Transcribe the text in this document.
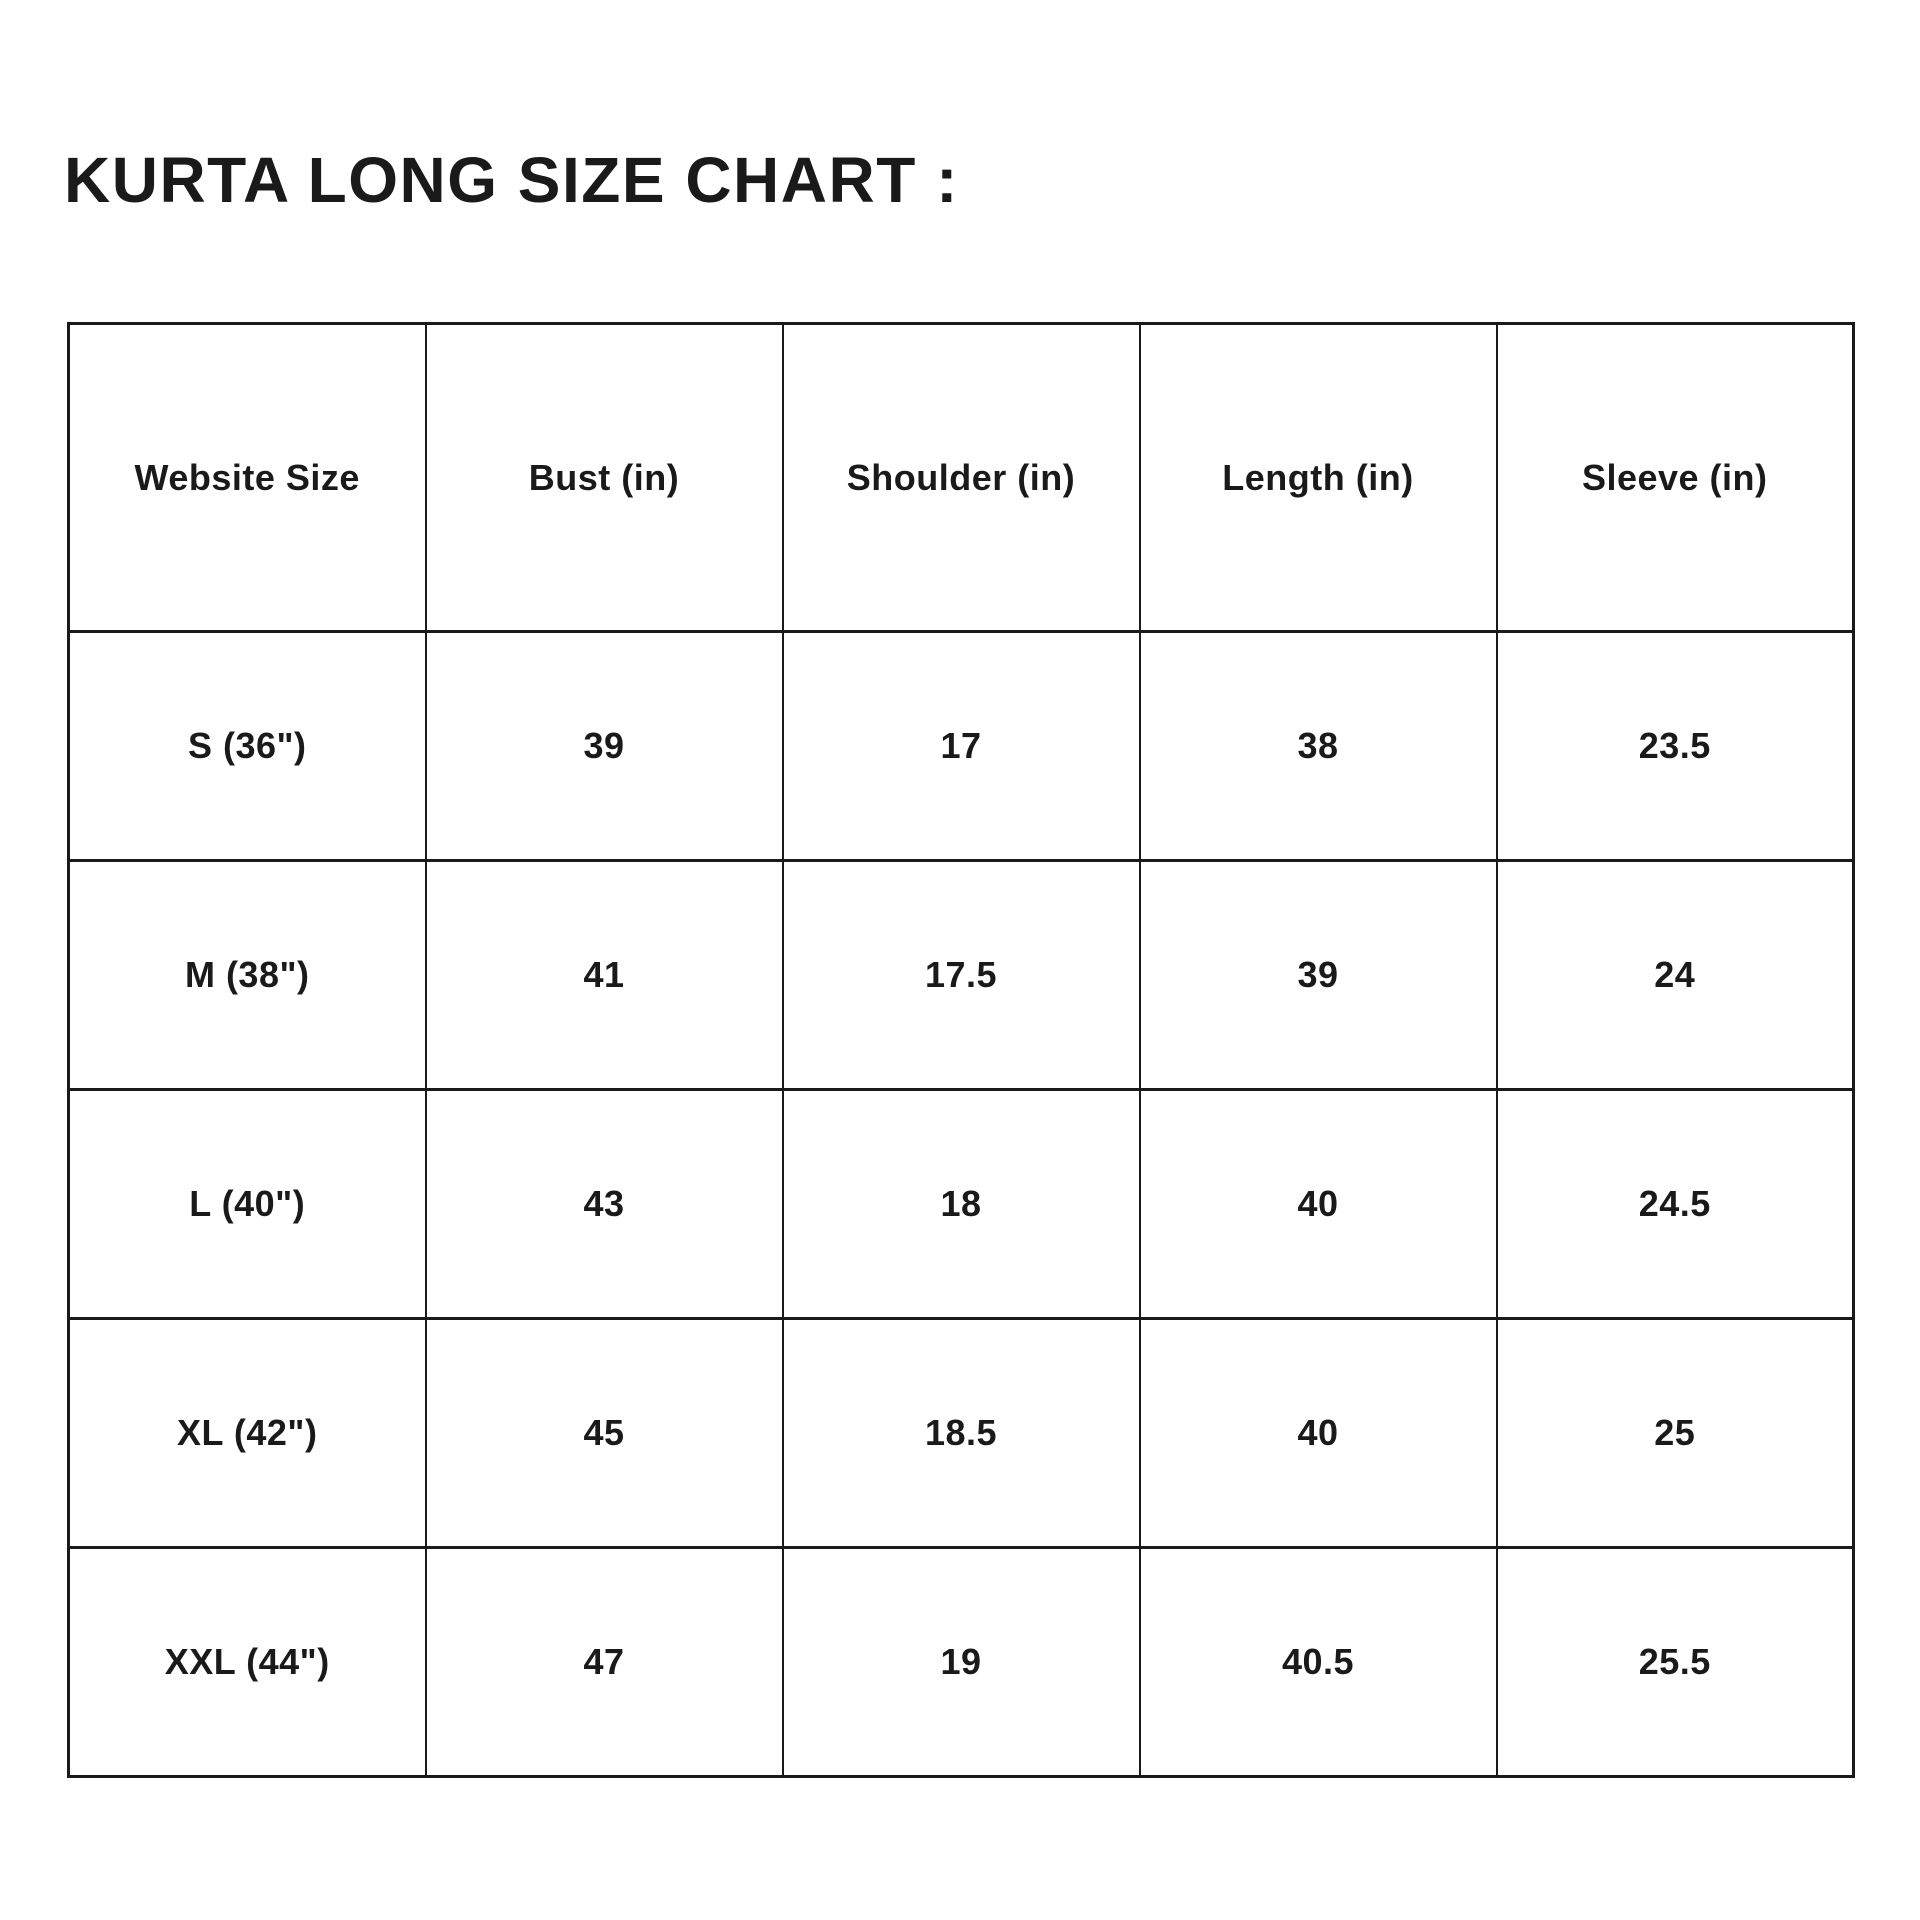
KURTA LONG SIZE CHART :
Website Size	Bust (in)	Shoulder (in)	Length (in)	Sleeve (in)
S (36")	39	17	38	23.5
M (38")	41	17.5	39	24
L (40")	43	18	40	24.5
XL (42")	45	18.5	40	25
XXL (44")	47	19	40.5	25.5
